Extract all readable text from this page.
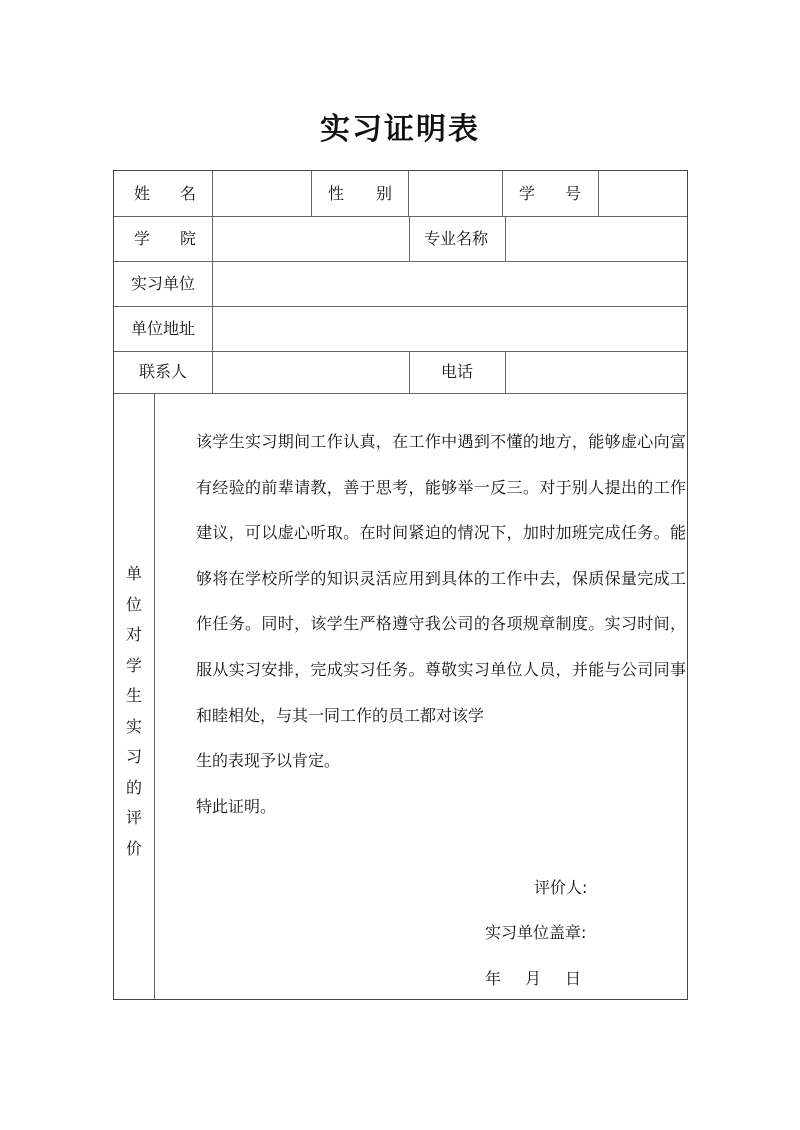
实习证明表
姓 名	性 别	学 号
学 院	专业名称
实习单位
单位地址
联系人	电话
单
位
对
学
生
实
习
的
评
价

该学生实习期间工作认真，在工作中遇到不懂的地方，能够虚心向富有经验的前辈请教，善于思考，能够举一反三。对于别人提出的工作建议，可以虚心听取。在时间紧迫的情况下，加时加班完成任务。能够将在学校所学的知识灵活应用到具体的工作中去，保质保量完成工作任务。同时，该学生严格遵守我公司的各项规章制度。实习时间，服从实习安排，完成实习任务。尊敬实习单位人员，并能与公司同事和睦相处，与其一同工作的员工都对该学

生的表现予以肯定。

特此证明。

评价人:
实习单位盖章:
年 月 日
